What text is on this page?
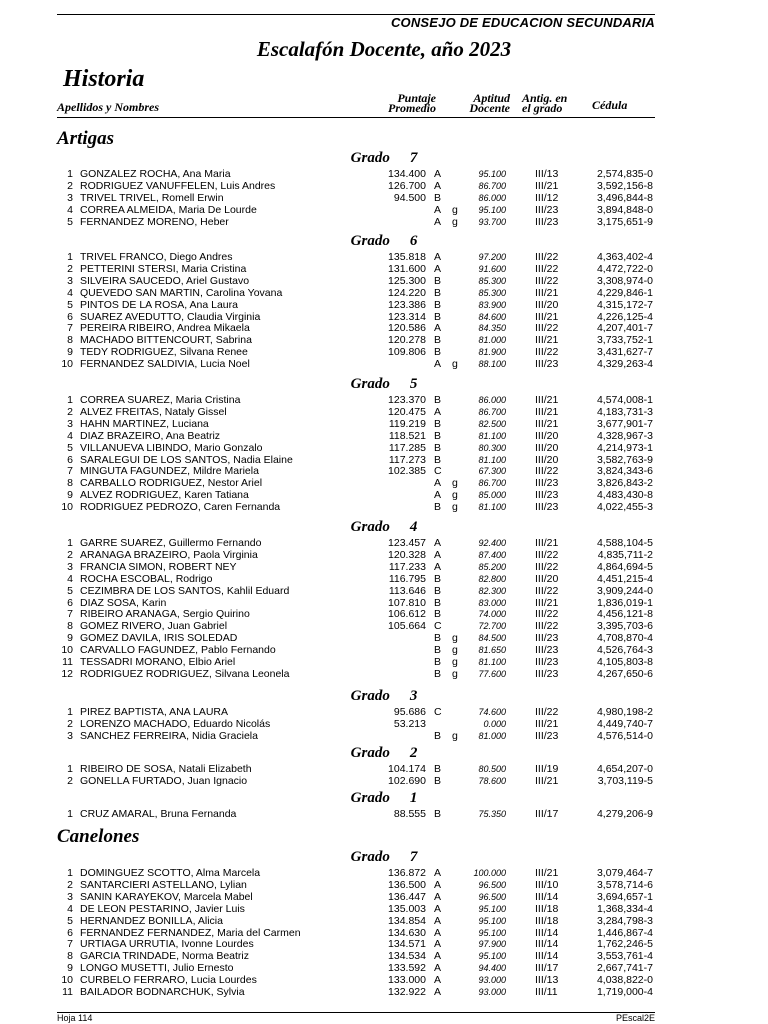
CONSEJO DE EDUCACION SECUNDARIA
Escalafón Docente, año 2023
Historia
Apellidos y Nombres
Puntaje
Promedio
Aptitud
Docente
Antig. en
el grado	Cédula
Artigas
Grado 7
1 GONZALEZ ROCHA, Ana Maria	134.400 A	95.100	III/13	2,574,835-0
2 RODRIGUEZ VANUFFELEN, Luis Andres	126.700 A	86.700	III/21	3,592,156-8
3 TRIVEL TRIVEL, Romell Erwin	94.500 B	86.000	III/12	3,496,844-8
4 CORREA ALMEIDA, Maria De Lourde	A g 95.100	III/23	3,894,848-0
5 FERNANDEZ MORENO, Heber	A g 93.700	III/23	3,175,651-9
Grado 6
1 TRIVEL FRANCO, Diego Andres	135.818 A	97.200	III/22	4,363,402-4
2 PETTERINI STERSI, Maria Cristina	131.600 A	91.600	III/22	4,472,722-0
3 SILVEIRA SAUCEDO, Ariel Gustavo	125.300 B	85.300	III/22	3,308,974-0
4 QUEVEDO SAN MARTIN, Carolina Yovana	124.220 B	85.300	III/21	4,229,846-1
5 PINTOS DE LA ROSA, Ana Laura	123.386 B	83.900	III/20	4,315,172-7
6 SUAREZ AVEDUTTO, Claudia Virginia	123.314 B	84.600	III/21	4,226,125-4
7 PEREIRA RIBEIRO, Andrea Mikaela	120.586 A	84.350	III/22	4,207,401-7
8 MACHADO BITTENCOURT, Sabrina	120.278 B	81.000	III/21	3,733,752-1
9 TEDY RODRIGUEZ, Silvana Renee	109.806 B	81.900	III/22	3,431,627-7
10 FERNANDEZ SALDIVIA, Lucia Noel	A g 88.100	III/23	4,329,263-4
Grado 5
1 CORREA SUAREZ, Maria Cristina	123.370 B	86.000	III/21	4,574,008-1
2 ALVEZ FREITAS, Nataly Gissel	120.475 A	86.700	III/21	4,183,731-3
3 HAHN MARTINEZ, Luciana	119.219 B	82.500	III/21	3,677,901-7
4 DIAZ BRAZEIRO, Ana Beatriz	118.521 B	81.100	III/20	4,328,967-3
5 VILLANUEVA LIBINDO, Mario Gonzalo	117.285 B	80.300	III/20	4,214,973-1
6 SARALEGUI DE LOS SANTOS, Nadia Elaine	117.273 B	81.100	III/20	3,582,763-9
7 MINGUTA FAGUNDEZ, Mildre Mariela	102.385 C	67.300	III/22	3,824,343-6
8 CARBALLO RODRIGUEZ, Nestor Ariel	A g 86.700	III/23	3,826,843-2
9 ALVEZ RODRIGUEZ, Karen Tatiana	A g 85.000	III/23	4,483,430-8
10 RODRIGUEZ PEDROZO, Caren Fernanda	B g 81.100	III/23	4,022,455-3
Grado 4
1 GARRE SUAREZ, Guillermo Fernando	123.457 A	92.400	III/21	4,588,104-5
2 ARANAGA BRAZEIRO, Paola Virginia	120.328 A	87.400	III/22	4,835,711-2
3 FRANCIA SIMON, ROBERT NEY	117.233 A	85.200	III/22	4,864,694-5
4 ROCHA ESCOBAL, Rodrigo	116.795 B	82.800	III/20	4,451,215-4
5 CEZIMBRA DE LOS SANTOS, Kahlil Eduard	113.646 B	82.300	III/22	3,909,244-0
6 DIAZ SOSA, Karin	107.810 B	83.000	III/21	1,836,019-1
7 RIBEIRO ARANAGA, Sergio Quirino	106.612 B	74.000	III/22	4,456,121-8
8 GOMEZ RIVERO, Juan Gabriel	105.664 C	72.700	III/22	3,395,703-6
9 GOMEZ DAVILA, IRIS SOLEDAD	B g 84.500	III/23	4,708,870-4
10 CARVALLO FAGUNDEZ, Pablo Fernando	B g 81.650	III/23	4,526,764-3
11 TESSADRI MORANO, Elbio Ariel	B g 81.100	III/23	4,105,803-8
12 RODRIGUEZ RODRIGUEZ, Silvana Leonela	B g 77.600	III/23	4,267,650-6
Grado 3
1 PIREZ BAPTISTA, ANA LAURA	95.686 C	74.600	III/22	4,980,198-2
2 LORENZO MACHADO, Eduardo Nicolás	53.213	0.000	III/21	4,449,740-7
3 SANCHEZ FERREIRA, Nidia Graciela	B g 81.000	III/23	4,576,514-0
Grado 2
1 RIBEIRO DE SOSA, Natali Elizabeth	104.174 B	80.500	III/19	4,654,207-0
2 GONELLA FURTADO, Juan Ignacio	102.690 B	78.600	III/21	3,703,119-5
Grado 1
1 CRUZ AMARAL, Bruna Fernanda	88.555 B	75.350	III/17	4,279,206-9
Canelones
Grado 7
1 DOMINGUEZ SCOTTO, Alma Marcela	136.872 A	100.000	III/21	3,079,464-7
2 SANTARCIERI ASTELLANO, Lylian	136.500 A	96.500	III/10	3,578,714-6
3 SANIN KARAYEKOV, Marcela Mabel	136.447 A	96.500	III/14	3,694,657-1
4 DE LEON PESTARINO, Javier Luis	135.003 A	95.100	III/18	1,368,334-4
5 HERNANDEZ BONILLA, Alicia	134.854 A	95.100	III/18	3,284,798-3
6 FERNANDEZ FERNANDEZ, Maria del Carmen	134.630 A	95.100	III/14	1,446,867-4
7 URTIAGA URRUTIA, Ivonne Lourdes	134.571 A	97.900	III/14	1,762,246-5
8 GARCIA TRINDADE, Norma Beatriz	134.534 A	95.100	III/14	3,553,761-4
9 LONGO MUSETTI, Julio Ernesto	133.592 A	94.400	III/17	2,667,741-7
10 CURBELO FERRARO, Lucia Lourdes	133.000 A	93.000	III/13	4,038,822-0
11 BAILADOR BODNARCHUK, Sylvia	132.922 A	93.000	III/11	1,719,000-4
Hoja 114	PEscal2E
